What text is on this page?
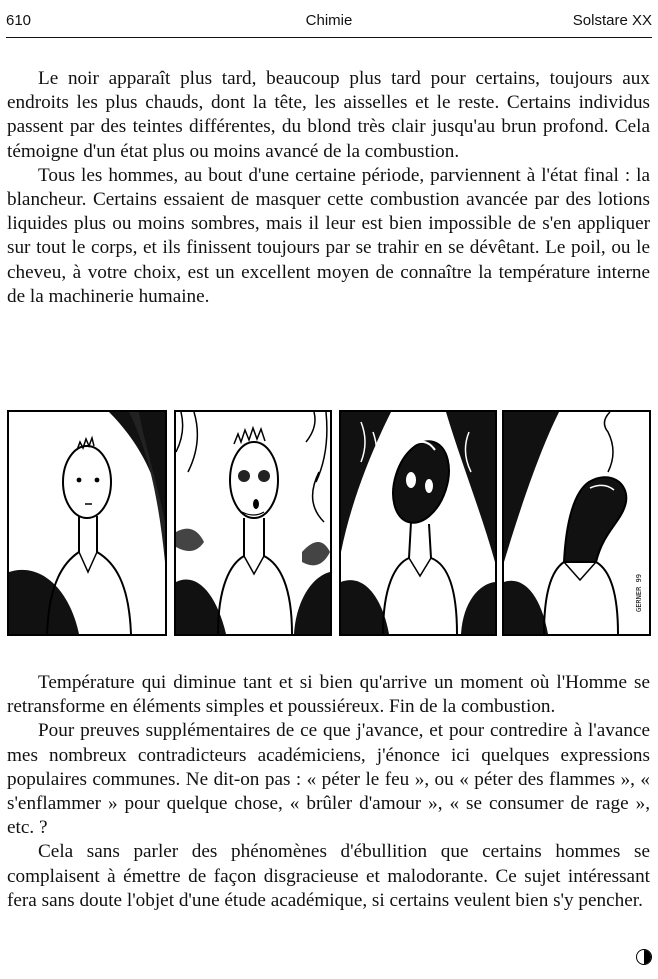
610	Chimie	Solstare XX

Le noir apparaît plus tard, beaucoup plus tard pour certains, toujours aux endroits les plus chauds, dont la tête, les aisselles et le reste. Certains individus passent par des teintes différentes, du blond très clair jusqu'au brun profond. Cela témoigne d'un état plus ou moins avancé de la combustion.

Tous les hommes, au bout d'une certaine période, parviennent à l'état final : la blancheur. Certains essaient de masquer cette combustion avancée par des lotions liquides plus ou moins sombres, mais il leur est bien impossible de s'en appliquer sur tout le corps, et ils finissent toujours par se trahir en se dévêtant. Le poil, ou le cheveu, à votre choix, est un excellent moyen de connaître la température interne de la machinerie humaine.

GERNER 99

Température qui diminue tant et si bien qu'arrive un moment où l'Homme se retransforme en éléments simples et poussiéreux. Fin de la combustion.

Pour preuves supplémentaires de ce que j'avance, et pour contredire à l'avance mes nombreux contradicteurs académiciens, j'énonce ici quelques expressions populaires communes. Ne dit-on pas : « péter le feu », ou « péter des flammes », « s'enflammer » pour quelque chose, « brûler d'amour », « se consumer de rage », etc. ?

Cela sans parler des phénomènes d'ébullition que certains hommes se complaisent à émettre de façon disgracieuse et malodorante. Ce sujet intéressant fera sans doute l'objet d'une étude académique, si certains veulent bien s'y pencher.
